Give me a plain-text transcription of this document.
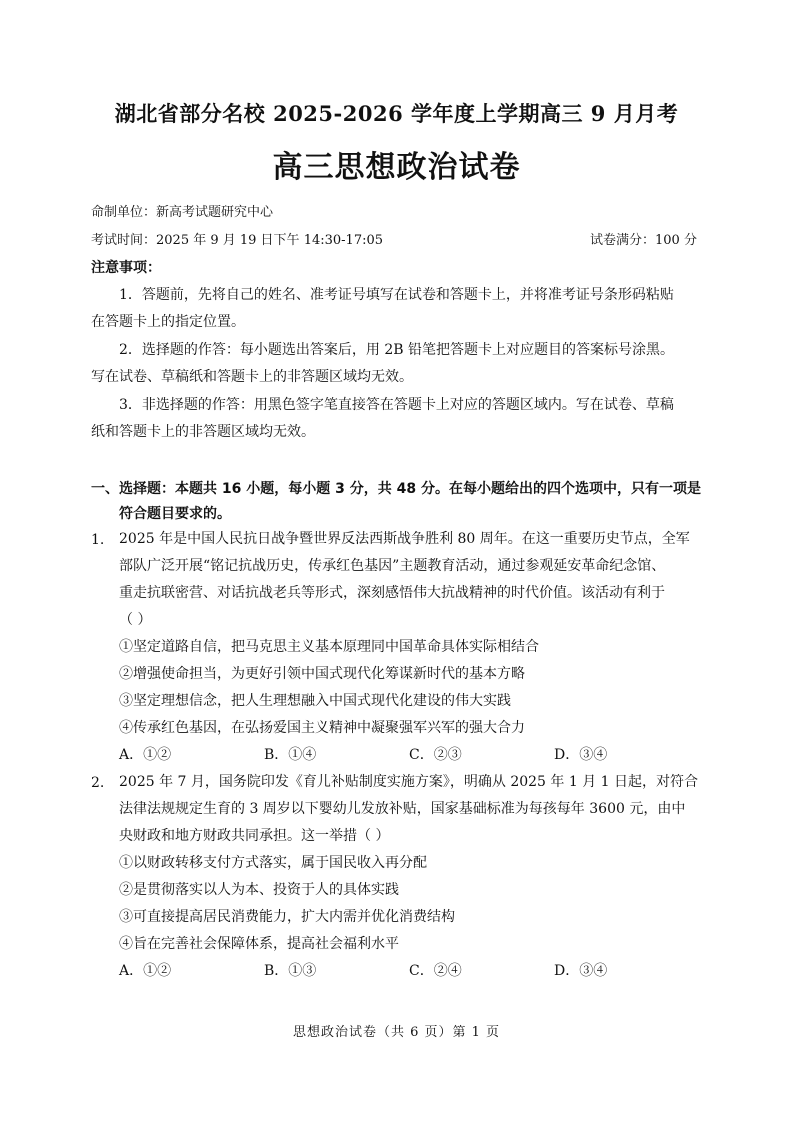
湖北省部分名校 2025-2026 学年度上学期高三 9 月月考
高三思想政治试卷
命制单位：新高考试题研究中心
考试时间：2025 年 9 月 19 日下午 14:30-17:05	试卷满分：100 分
注意事项：
1．答题前，先将自己的姓名、准考证号填写在试卷和答题卡上，并将准考证号条形码粘贴
在答题卡上的指定位置。
2．选择题的作答：每小题选出答案后，用 2B 铅笔把答题卡上对应题目的答案标号涂黑。
写在试卷、草稿纸和答题卡上的非答题区域均无效。
3．非选择题的作答：用黑色签字笔直接答在答题卡上对应的答题区域内。写在试卷、草稿
纸和答题卡上的非答题区域均无效。
一、选择题：本题共 16 小题，每小题 3 分，共 48 分。在每小题给出的四个选项中，只有一项是
符合题目要求的。
1. 2025 年是中国人民抗日战争暨世界反法西斯战争胜利 80 周年。在这一重要历史节点，全军
部队广泛开展“铭记抗战历史，传承红色基因”主题教育活动，通过参观延安革命纪念馆、
重走抗联密营、对话抗战老兵等形式，深刻感悟伟大抗战精神的时代价值。该活动有利于
（ ）
①坚定道路自信，把马克思主义基本原理同中国革命具体实际相结合
②增强使命担当，为更好引领中国式现代化筹谋新时代的基本方略
③坚定理想信念，把人生理想融入中国式现代化建设的伟大实践
④传承红色基因，在弘扬爱国主义精神中凝聚强军兴军的强大合力
A．①②	B．①④	C．②③	D．③④
2. 2025 年 7 月，国务院印发《育儿补贴制度实施方案》，明确从 2025 年 1 月 1 日起，对符合
法律法规规定生育的 3 周岁以下婴幼儿发放补贴，国家基础标准为每孩每年 3600 元，由中
央财政和地方财政共同承担。这一举措（ ）
①以财政转移支付方式落实，属于国民收入再分配
②是贯彻落实以人为本、投资于人的具体实践
③可直接提高居民消费能力，扩大内需并优化消费结构
④旨在完善社会保障体系，提高社会福利水平
A．①②	B．①③	C．②④	D．③④
思想政治试卷（共 6 页）第 1 页
